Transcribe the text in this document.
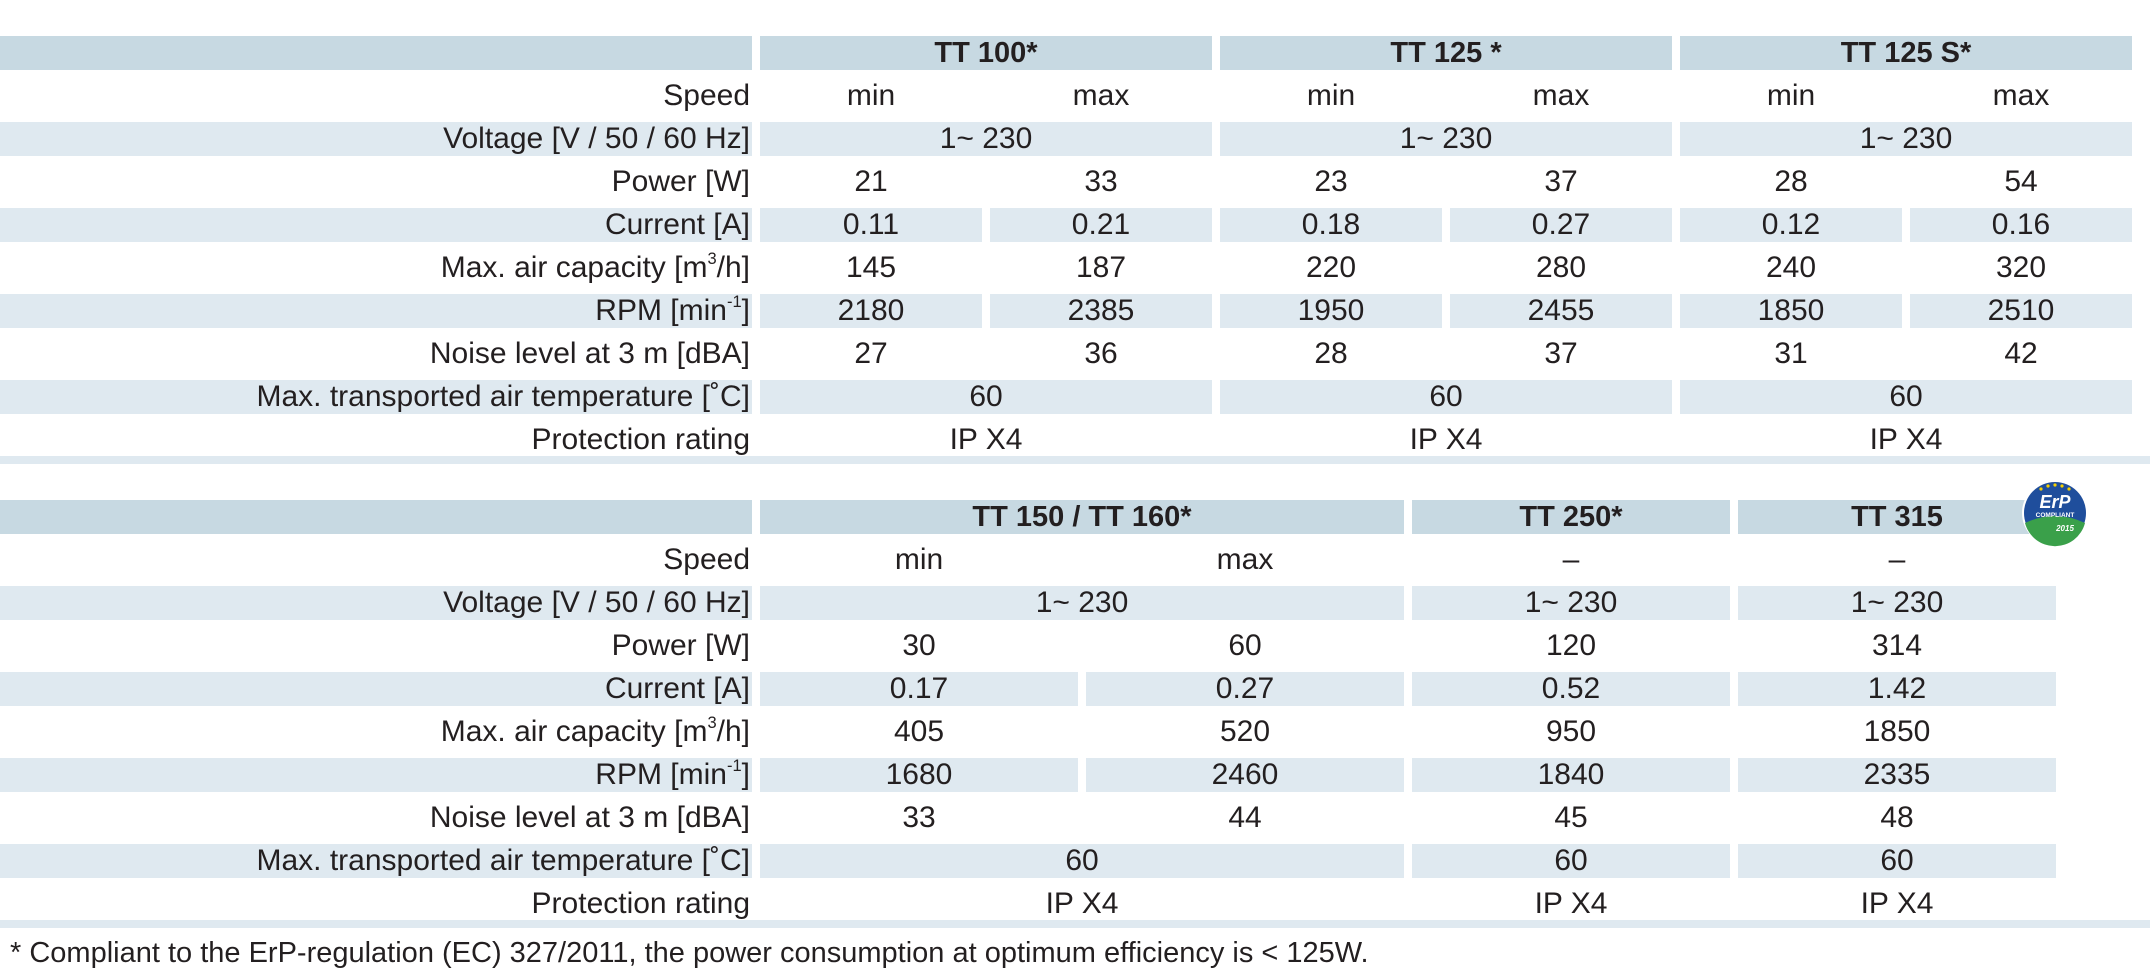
TT 100*	TT 125 *	TT 125 S*
Speed	min	max	min	max	min	max
Voltage [V / 50 / 60 Hz]	1~ 230	1~ 230	1~ 230
Power [W]	21	33	23	37	28	54
Current [A]	0.11	0.21	0.18	0.27	0.12	0.16
Max. air capacity [$m^3$ /h]	145	187	220	280	240	320
RPM [$\min^{-1}$ ]	2180	2385	1950	2455	1850	2510
Noise level at 3 m [dBA]	27	36	28	37	31	42
Max. transported air temperature [˚C]	60	60	60
Protection rating	IP X4	IP X4	IP X4
TT 150 / TT 160*	TT 250*	TT 315
Speed	min	max	–	–
Voltage [V / 50 / 60 Hz]	1~ 230	1~ 230	1~ 230
Power [W]	30	60	120	314
Current [A]	0.17	0.27	0.52	1.42
Max. air capacity [$m^3$ /h]	405	520	950	1850
RPM [$\min^{-1}$ ]	1680	2460	1840	2335
Noise level at 3 m [dBA]	33	44	45	48
Max. transported air temperature [˚C]	60	60	60
Protection rating	IP X4	IP X4	IP X4
ErP
COMPLIANT
2015
* Compliant to the ErP-regulation (EC) 327/2011, the power consumption at optimum efficiency is < 125W.
